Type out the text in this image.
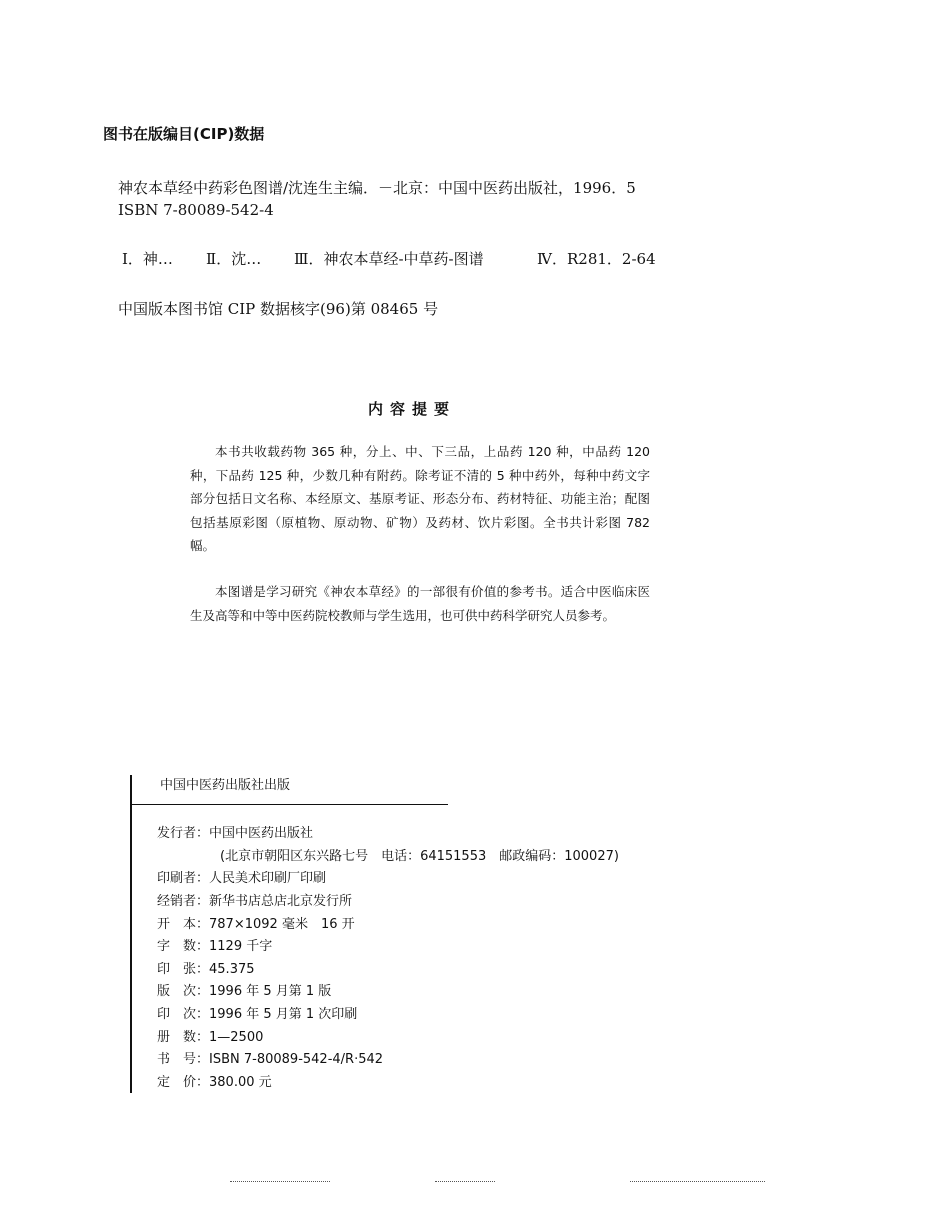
图书在版编目(CIP)数据
神农本草经中药彩色图谱/沈连生主编．－北京：中国中医药出版社，1996．5
ISBN 7-80089-542-4
Ⅰ．神… Ⅱ．沈… Ⅲ．神农本草经-中草药-图谱	Ⅳ．R281．2-64
中国版本图书馆 CIP 数据核字(96)第 08465 号
内容提要
本书共收载药物 365 种，分上、中、下三品，上品药 120 种，中品药 120 种，下品药 125 种，少数几种有附药。除考证不清的 5 种中药外，每种中药文字部分包括日文名称、本经原文、基原考证、形态分布、药材特征、功能主治；配图包括基原彩图（原植物、原动物、矿物）及药材、饮片彩图。全书共计彩图 782 幅。
本图谱是学习研究《神农本草经》的一部很有价值的参考书。适合中医临床医生及高等和中等中医药院校教师与学生选用，也可供中药科学研究人员参考。
中国中医药出版社出版
发行者：中国中医药出版社
(北京市朝阳区东兴路七号　电话：64151553　邮政编码：100027)
印刷者：人民美术印刷厂印刷
经销者：新华书店总店北京发行所
开　本：787×1092 毫米　16 开
字　数：1129 千字
印　张：45.375
版　次：1996 年 5 月第 1 版
印　次：1996 年 5 月第 1 次印刷
册　数：1—2500
书　号：ISBN 7-80089-542-4/R·542
定　价：380.00 元
